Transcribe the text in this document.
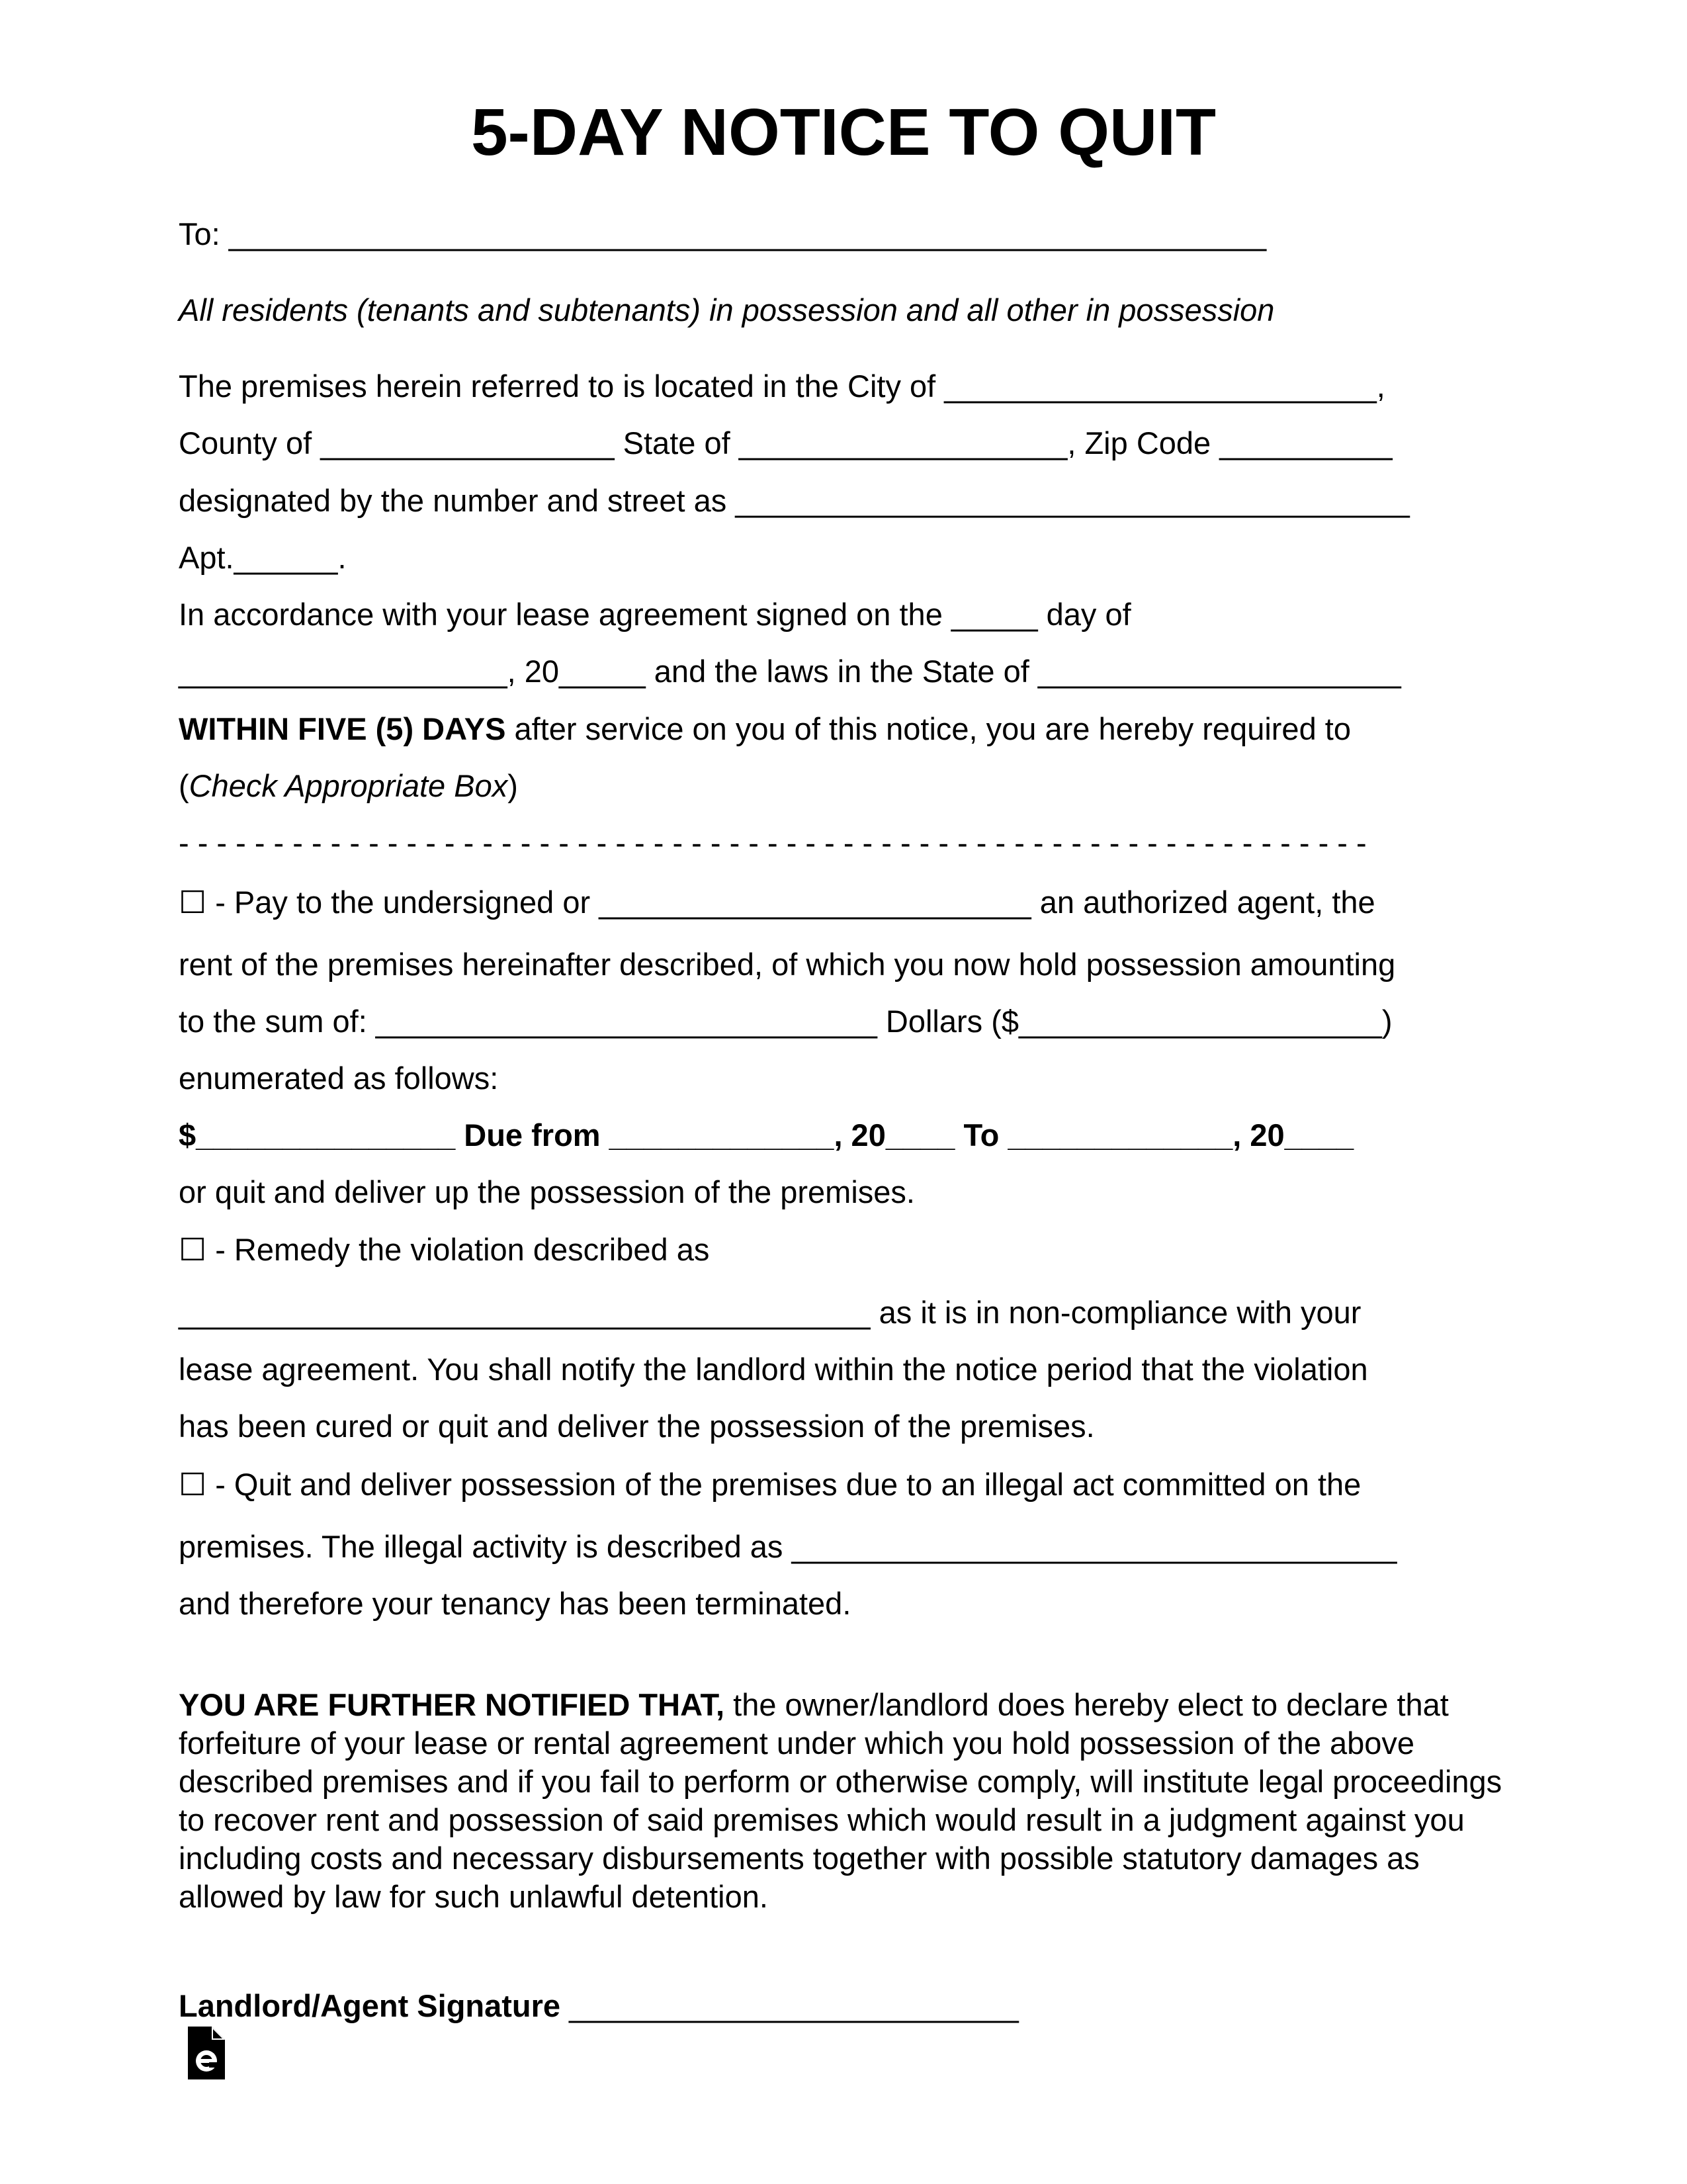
5-DAY NOTICE TO QUIT
To: ____________________________________________________________
All residents (tenants and subtenants) in possession and all other in possession
The premises herein referred to is located in the City of _________________________,
County of _________________ State of ___________________, Zip Code __________
designated by the number and street as _______________________________________
Apt.______.
In accordance with your lease agreement signed on the _____ day of
___________________, 20_____ and the laws in the State of _____________________
WITHIN FIVE (5) DAYS after service on you of this notice, you are hereby required to
(Check Appropriate Box)
- - - - - - - - - - - - - - - - - - - - - - - - - - - - - - - - - - - - - - - - - - - - - - - - - - - - - - - - - - - - - - -
☐ - Pay to the undersigned or _________________________ an authorized agent, the
rent of the premises hereinafter described, of which you now hold possession amounting
to the sum of: _____________________________ Dollars ($_____________________)
enumerated as follows:
$_______________ Due from _____________, 20____ To _____________, 20____
or quit and deliver up the possession of the premises.
☐ - Remedy the violation described as
________________________________________ as it is in non-compliance with your
lease agreement. You shall notify the landlord within the notice period that the violation
has been cured or quit and deliver the possession of the premises.
☐ - Quit and deliver possession of the premises due to an illegal act committed on the
premises. The illegal activity is described as ___________________________________
and therefore your tenancy has been terminated.
YOU ARE FURTHER NOTIFIED THAT, the owner/landlord does hereby elect to declare that forfeiture of your lease or rental agreement under which you hold possession of the above described premises and if you fail to perform or otherwise comply, will institute legal proceedings to recover rent and possession of said premises which would result in a judgment against you including costs and necessary disbursements together with possible statutory damages as allowed by law for such unlawful detention.
Landlord/Agent Signature __________________________
